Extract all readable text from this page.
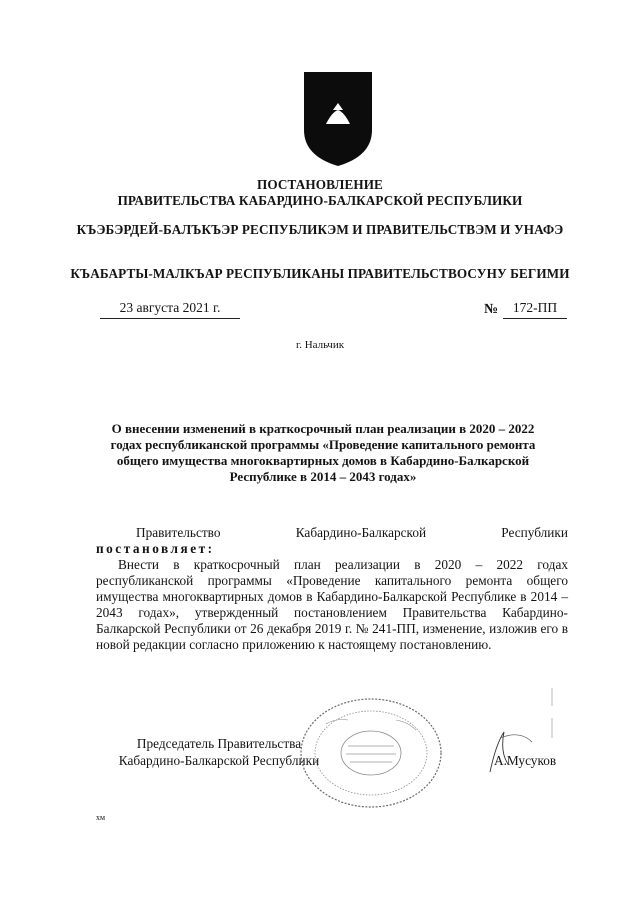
ПОСТАНОВЛЕНИЕ
ПРАВИТЕЛЬСТВА КАБАРДИНО-БАЛКАРСКОЙ РЕСПУБЛИКИ
КЪЭБЭРДЕЙ-БАЛЪКЪЭР РЕСПУБЛИКЭМ И ПРАВИТЕЛЬСТВЭМ И УНАФЭ
КЪАБАРТЫ-МАЛКЪАР РЕСПУБЛИКАНЫ ПРАВИТЕЛЬСТВОСУНУ БЕГИМИ
23 августа 2021 г.	№	172-ПП
г. Нальчик
О внесении изменений в краткосрочный план реализации в 2020 – 2022 годах республиканской программы «Проведение капитального ремонта общего имущества многоквартирных домов в Кабардино-Балкарской Республике в 2014 – 2043 годах»
Правительство	Кабардино-Балкарской	Республики
постановляет:
Внести в краткосрочный план реализации в 2020 – 2022 годах республиканской программы «Проведение капитального ремонта общего имущества многоквартирных домов в Кабардино-Балкарской Республике в 2014 – 2043 годах», утвержденный постановлением Правительства Кабардино-Балкарской Республики от 26 декабря 2019 г. № 241-ПП, изменение, изложив его в новой редакции согласно приложению к настоящему постановлению.
Председатель Правительства
Кабардино-Балкарской Республики	А.Мусуков
хм
